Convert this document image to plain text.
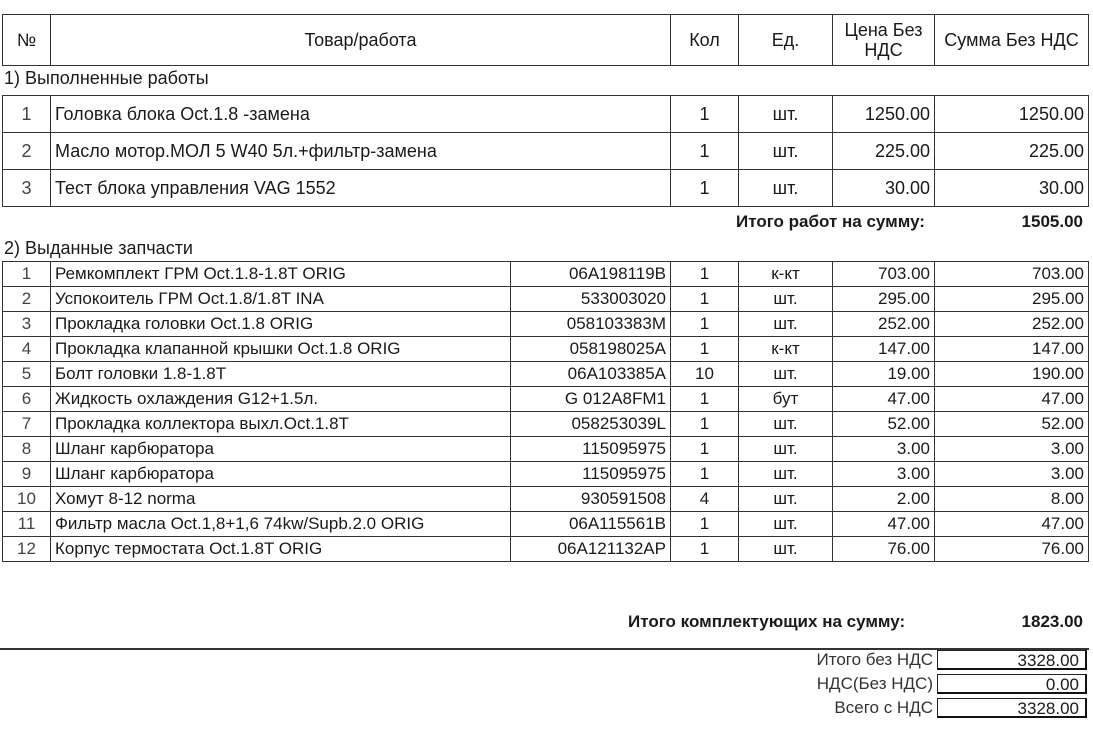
№	Товар/работа	Кол	Ед.	Цена Без НДС	Сумма Без НДС
1) Выполненные работы
1	Головка блока Oct.1.8 -замена	1	шт.	1250.00	1250.00
2	Масло мотор.МОЛ 5 W40 5л.+фильтр-замена	1	шт.	225.00	225.00
3	Тест блока управления VAG 1552	1	шт.	30.00	30.00
Итого работ на сумму:	1505.00
2) Выданные запчасти
1	Ремкомплект ГРМ Oct.1.8-1.8T ORIG	06A198119B	1	к-кт	703.00	703.00
2	Успокоитель ГРМ Oct.1.8/1.8T INA	533003020	1	шт.	295.00	295.00
3	Прокладка головки Oct.1.8 ORIG	058103383M	1	шт.	252.00	252.00
4	Прокладка клапанной крышки Oct.1.8 ORIG	058198025A	1	к-кт	147.00	147.00
5	Болт головки 1.8-1.8T	06A103385A	10	шт.	19.00	190.00
6	Жидкость охлаждения G12+1.5л.	G 012A8FM1	1	бут	47.00	47.00
7	Прокладка коллектора выхл.Oct.1.8T	058253039L	1	шт.	52.00	52.00
8	Шланг карбюратора	115095975	1	шт.	3.00	3.00
9	Шланг карбюратора	115095975	1	шт.	3.00	3.00
10	Хомут 8-12 norma	930591508	4	шт.	2.00	8.00
11	Фильтр масла Oct.1,8+1,6 74kw/Supb.2.0 ORIG	06A115561B	1	шт.	47.00	47.00
12	Корпус термостата Oct.1.8T ORIG	06A121132AP	1	шт.	76.00	76.00
Итого комплектующих на сумму:	1823.00
Итого без НДС	3328.00
НДС(Без НДС)	0.00
Всего с НДС	3328.00
